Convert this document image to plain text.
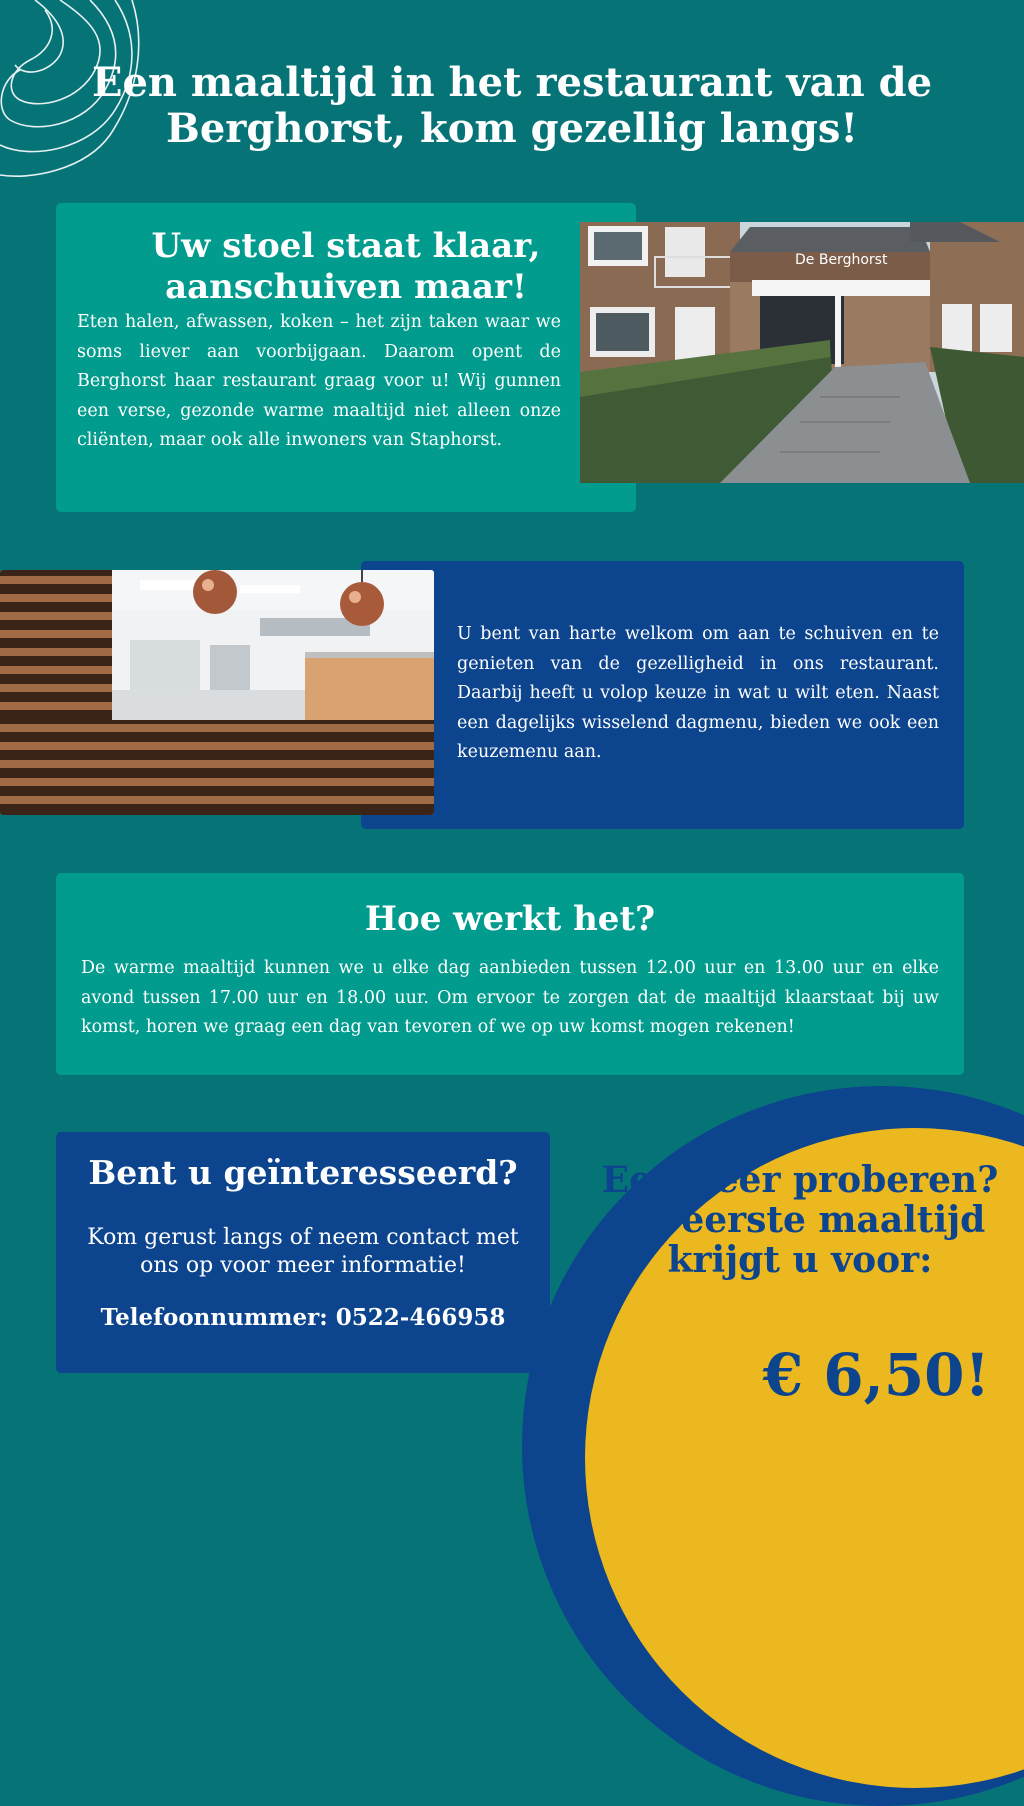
Een maaltijd in het restaurant van de Berghorst, kom gezellig langs!
Uw stoel staat klaar, aanschuiven maar!

Eten halen, afwassen, koken – het zijn taken waar we soms liever aan voorbijgaan. Daarom opent de Berghorst haar restaurant graag voor u! Wij gunnen een verse, gezonde warme maaltijd niet alleen onze cliënten, maar ook alle inwoners van Staphorst.

De Berghorst

U bent van harte welkom om aan te schuiven en te genieten van de gezelligheid in ons restaurant. Daarbij heeft u volop keuze in wat u wilt eten. Naast een dagelijks wisselend dagmenu, bieden we ook een keuzemenu aan.

Hoe werkt het?

De warme maaltijd kunnen we u elke dag aanbieden tussen 12.00 uur en 13.00 uur en elke avond tussen 17.00 uur en 18.00 uur. Om ervoor te zorgen dat de maaltijd klaarstaat bij uw komst, horen we graag een dag van tevoren of we op uw komst mogen rekenen!

Een keer proberen? De eerste maaltijd krijgt u voor:

€ 6,50!

Bent u geïnteresseerd?

Kom gerust langs of neem contact met ons op voor meer informatie!

Telefoonnummer: 0522-466958
